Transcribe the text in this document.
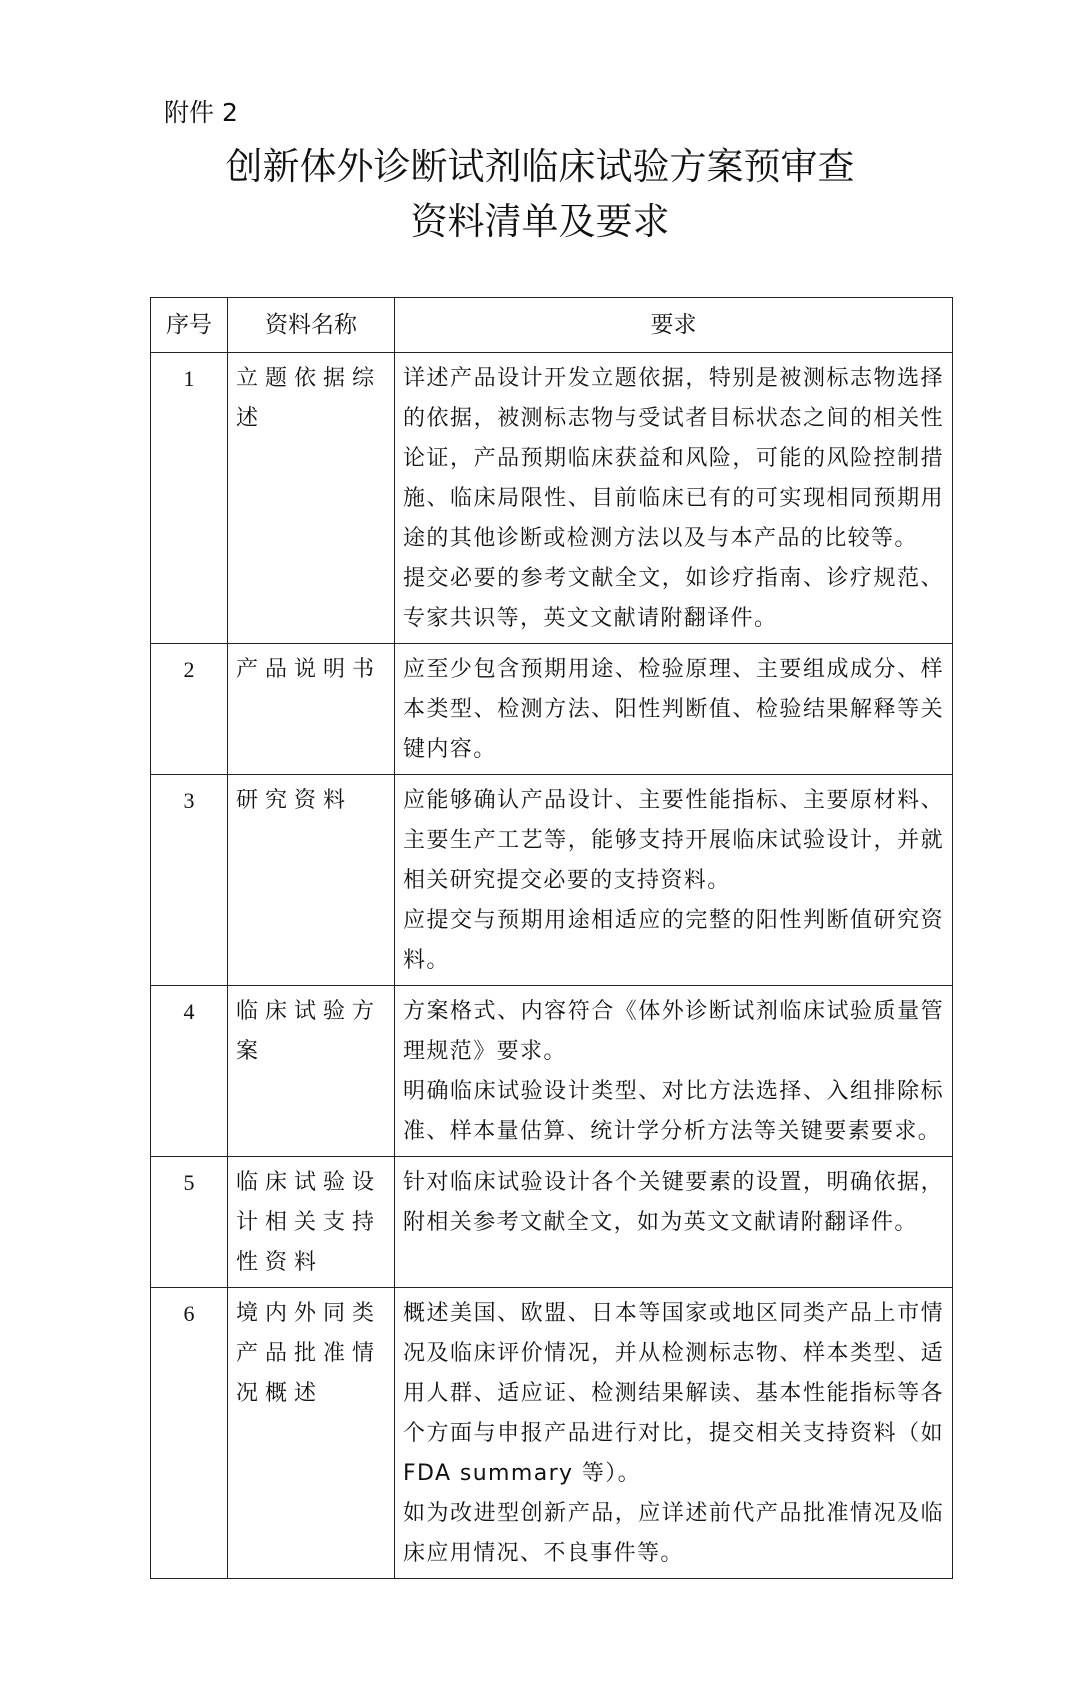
附件 2
创新体外诊断试剂临床试验方案预审查
资料清单及要求
序号	资料名称	要求
1	立题依据综述	详述产品设计开发立题依据，特别是被测标志物选择的依据，被测标志物与受试者目标状态之间的相关性论证，产品预期临床获益和风险，可能的风险控制措施、临床局限性、目前临床已有的可实现相同预期用途的其他诊断或检测方法以及与本产品的比较等。

提交必要的参考文献全文，如诊疗指南、诊疗规范、专家共识等，英文文献请附翻译件。

2	产品说明书	应至少包含预期用途、检验原理、主要组成成分、样本类型、检测方法、阳性判断值、检验结果解释等关键内容。

3	研究资料	应能够确认产品设计、主要性能指标、主要原材料、主要生产工艺等，能够支持开展临床试验设计，并就相关研究提交必要的支持资料。

应提交与预期用途相适应的完整的阳性判断值研究资料。

4	临床试验方案	方案格式、内容符合《体外诊断试剂临床试验质量管理规范》要求。

明确临床试验设计类型、对比方法选择、入组排除标准、样本量估算、统计学分析方法等关键要素要求。

5	临床试验设计相关支持性资料	针对临床试验设计各个关键要素的设置，明确依据，附相关参考文献全文，如为英文文献请附翻译件。

6	境内外同类产品批准情况概述	概述美国、欧盟、日本等国家或地区同类产品上市情况及临床评价情况，并从检测标志物、样本类型、适用人群、适应证、检测结果解读、基本性能指标等各个方面与申报产品进行对比，提交相关支持资料（如 FDA summary 等）。

如为改进型创新产品，应详述前代产品批准情况及临床应用情况、不良事件等。
